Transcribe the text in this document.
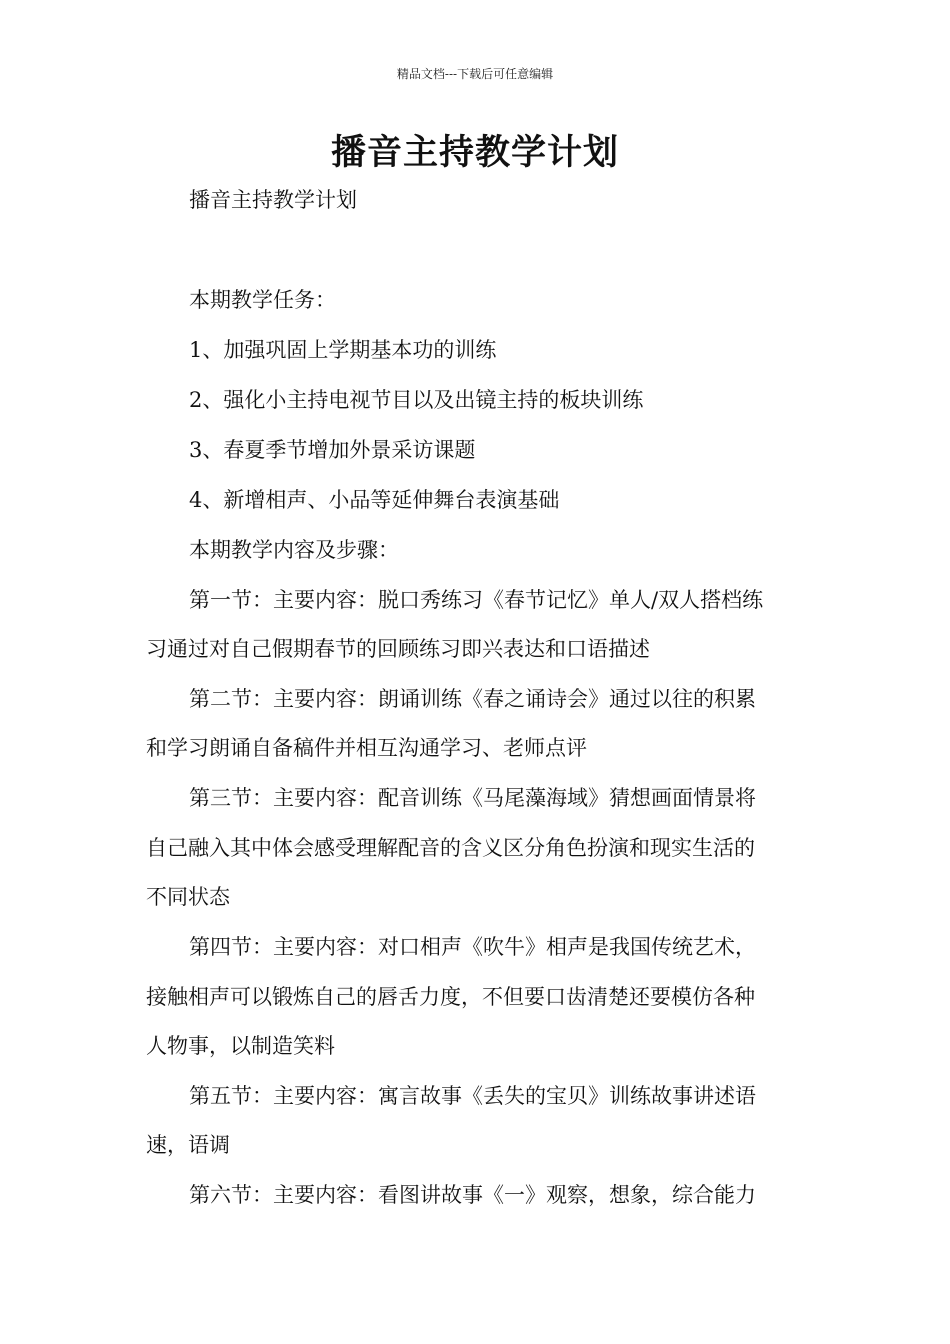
精品文档---下载后可任意编辑
播音主持教学计划

播音主持教学计划

本期教学任务：

1、加强巩固上学期基本功的训练

2、强化小主持电视节目以及出镜主持的板块训练

3、春夏季节增加外景采访课题

4、新增相声、小品等延伸舞台表演基础

本期教学内容及步骤：

第一节：主要内容：脱口秀练习《春节记忆》单人/双人搭档练

习通过对自己假期春节的回顾练习即兴表达和口语描述

第二节：主要内容：朗诵训练《春之诵诗会》通过以往的积累

和学习朗诵自备稿件并相互沟通学习、老师点评

第三节：主要内容：配音训练《马尾藻海域》猜想画面情景将

自己融入其中体会感受理解配音的含义区分角色扮演和现实生活的

不同状态

第四节：主要内容：对口相声《吹牛》相声是我国传统艺术，

接触相声可以锻炼自己的唇舌力度，不但要口齿清楚还要模仿各种

人物事，以制造笑料

第五节：主要内容：寓言故事《丢失的宝贝》训练故事讲述语

速，语调

第六节：主要内容：看图讲故事《一》观察，想象，综合能力
